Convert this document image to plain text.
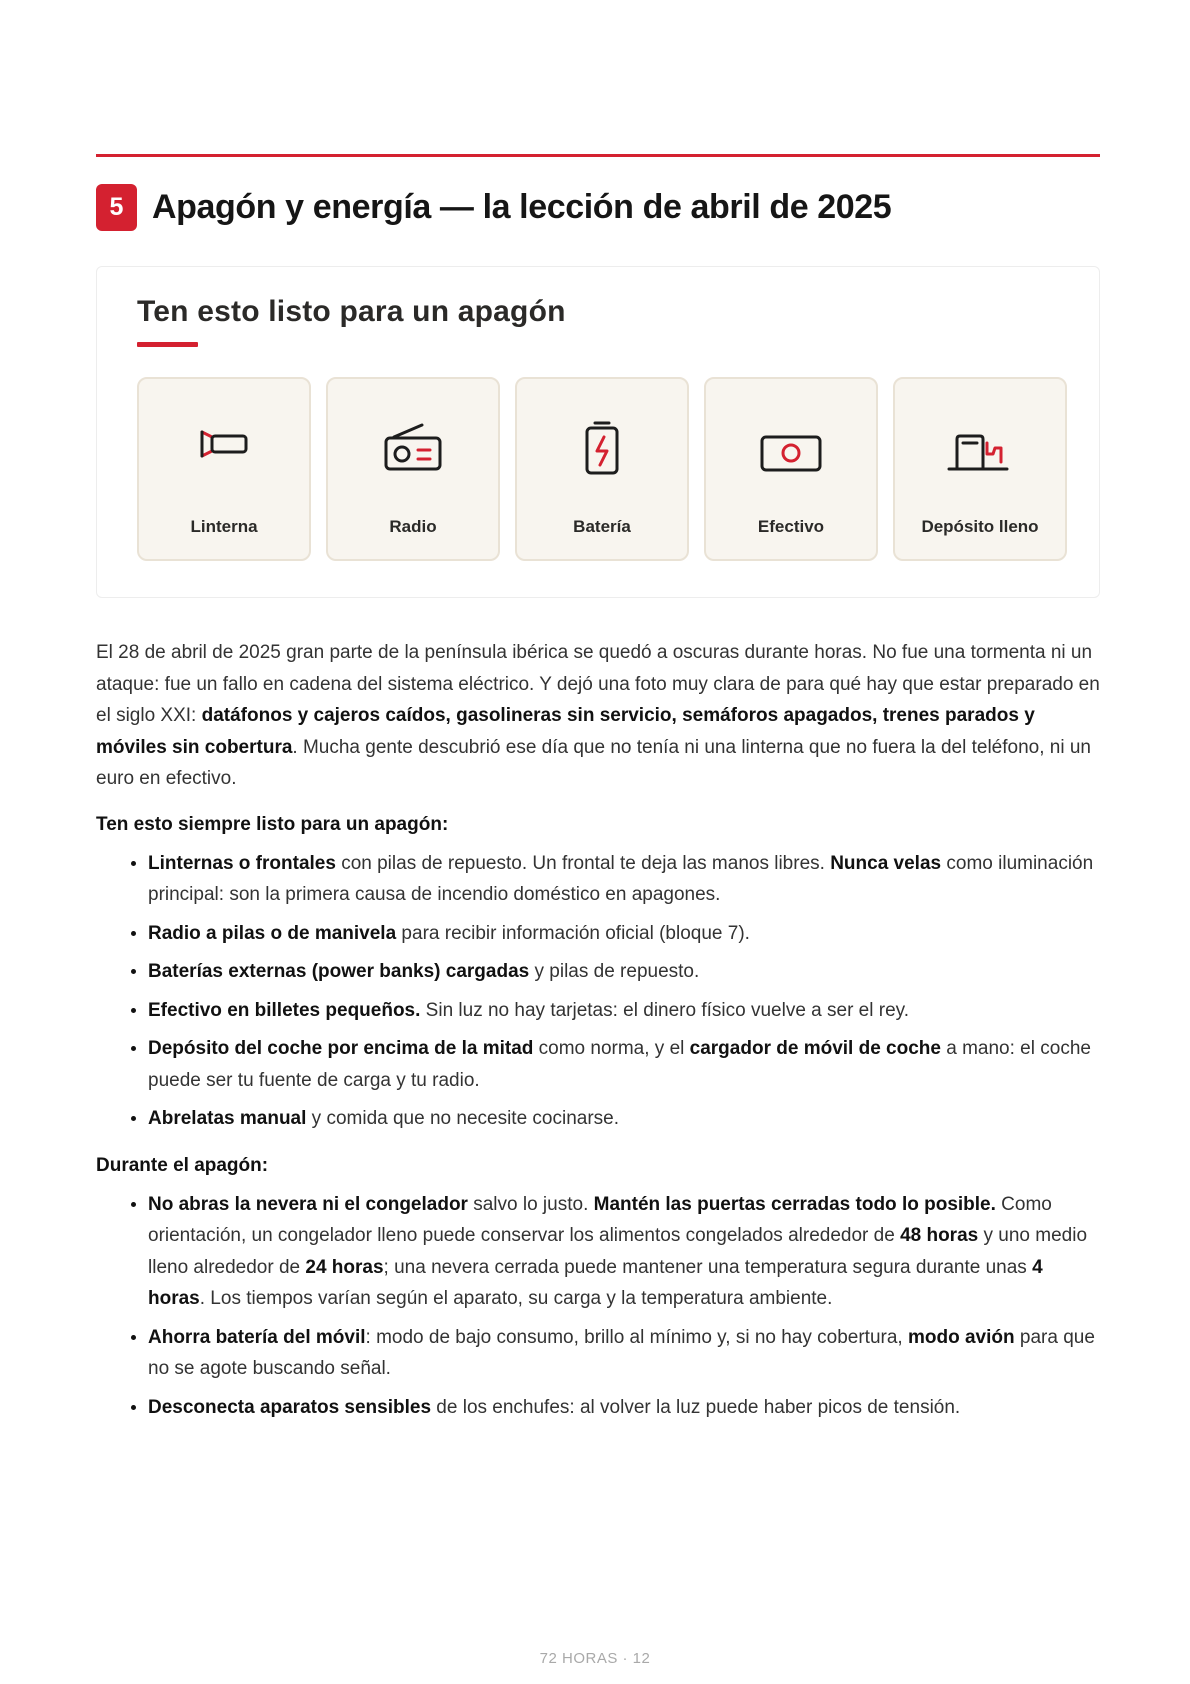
5 Apagón y energía — la lección de abril de 2025
Ten esto listo para un apagón
Linterna	Radio	Batería	Efectivo	Depósito lleno

El 28 de abril de 2025 gran parte de la península ibérica se quedó a oscuras durante horas. No fue una tormenta ni un ataque: fue un fallo en cadena del sistema eléctrico. Y dejó una foto muy clara de para qué hay que estar preparado en el siglo XXI: datáfonos y cajeros caídos, gasolineras sin servicio, semáforos apagados, trenes parados y móviles sin cobertura. Mucha gente descubrió ese día que no tenía ni una linterna que no fuera la del teléfono, ni un euro en efectivo.

Ten esto siempre listo para un apagón:

• Linternas o frontales con pilas de repuesto. Un frontal te deja las manos libres. Nunca velas como iluminación principal: son la primera causa de incendio doméstico en apagones.
• Radio a pilas o de manivela para recibir información oficial (bloque 7).
• Baterías externas (power banks) cargadas y pilas de repuesto.
• Efectivo en billetes pequeños. Sin luz no hay tarjetas: el dinero físico vuelve a ser el rey.
• Depósito del coche por encima de la mitad como norma, y el cargador de móvil de coche a mano: el coche puede ser tu fuente de carga y tu radio.
• Abrelatas manual y comida que no necesite cocinarse.

Durante el apagón:

• No abras la nevera ni el congelador salvo lo justo. Mantén las puertas cerradas todo lo posible. Como orientación, un congelador lleno puede conservar los alimentos congelados alrededor de 48 horas y uno medio lleno alrededor de 24 horas; una nevera cerrada puede mantener una temperatura segura durante unas 4 horas. Los tiempos varían según el aparato, su carga y la temperatura ambiente.
• Ahorra batería del móvil: modo de bajo consumo, brillo al mínimo y, si no hay cobertura, modo avión para que no se agote buscando señal.
• Desconecta aparatos sensibles de los enchufes: al volver la luz puede haber picos de tensión.
72 HORAS · 12
